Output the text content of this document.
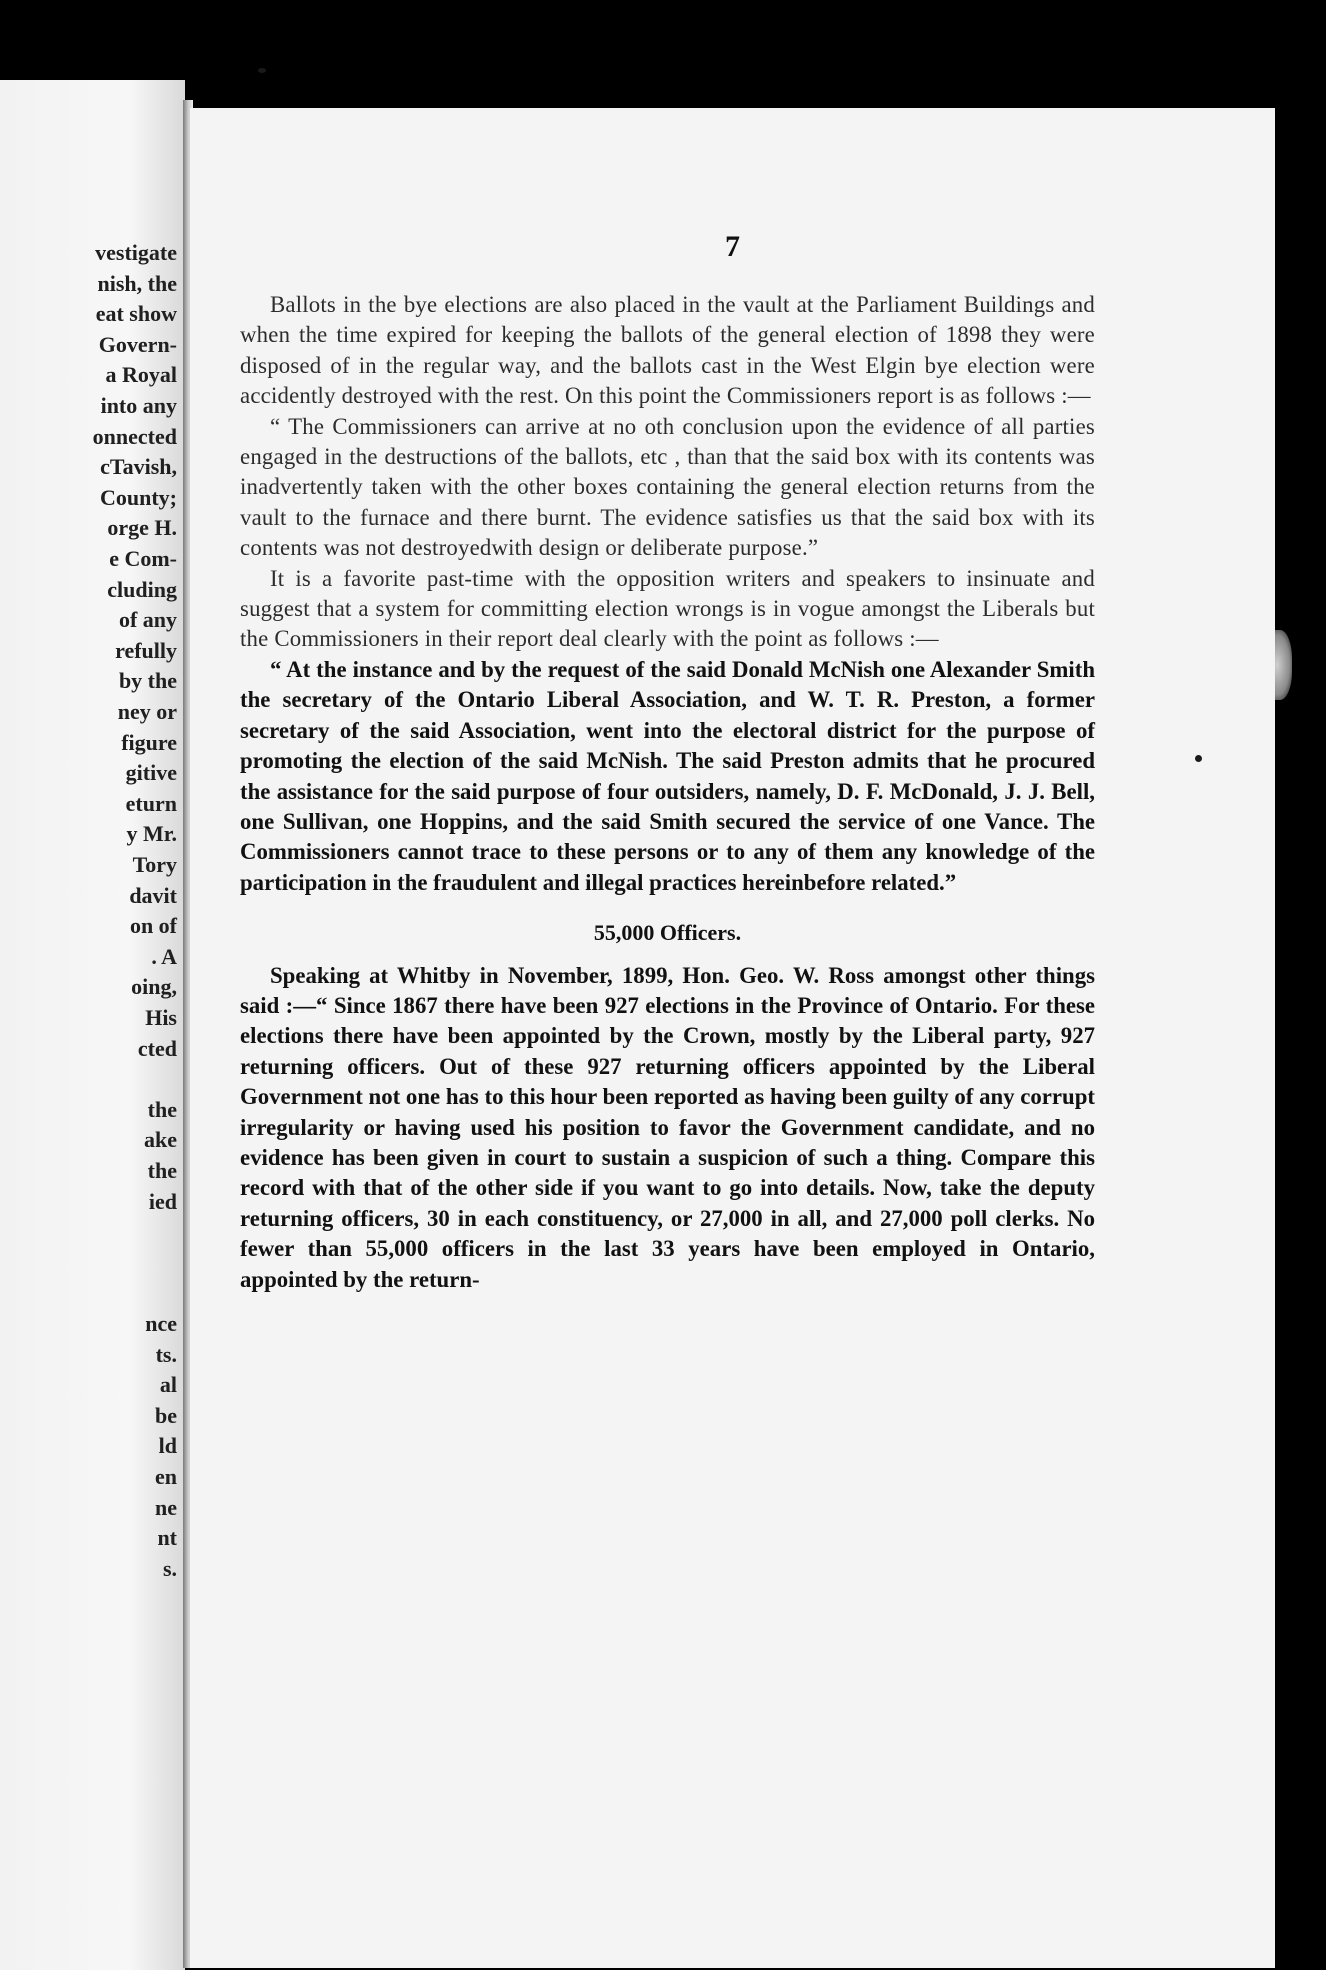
vestigate
nish, the
eat show
Govern-
a Royal
into any
onnected
cTavish,
County;
orge H.
e Com-
cluding
of any
refully
by the
ney or
figure
gitive
eturn
y Mr.
Tory
davit
on of
. A
oing,
His
cted
the
ake
the
ied
nce
ts.
al
be
ld
en
ne
nt
s.
7

Ballots in the bye elections are also placed in the vault at the Parliament Buildings and when the time expired for keeping the ballots of the general election of 1898 they were disposed of in the regular way, and the ballots cast in the West Elgin bye election were accidently destroyed with the rest. On this point the Commissioners report is as follows :—

“ The Commissioners can arrive at no oth conclusion upon the evidence of all parties engaged in the destructions of the ballots, etc , than that the said box with its contents was inadvertently taken with the other boxes containing the general election returns from the vault to the furnace and there burnt. The evidence satisfies us that the said box with its contents was not destroyedwith design or deliberate purpose.”

It is a favorite past-time with the opposition writers and speakers to insinuate and suggest that a system for committing election wrongs is in vogue amongst the Liberals but the Commissioners in their report deal clearly with the point as follows :—

“ At the instance and by the request of the said Donald McNish one Alexander Smith the secretary of the Ontario Liberal Association, and W. T. R. Preston, a former secretary of the said Association, went into the electoral district for the purpose of promoting the election of the said McNish. The said Preston admits that he procured the assistance for the said purpose of four outsiders, namely, D. F. McDonald, J. J. Bell, one Sullivan, one Hoppins, and the said Smith secured the service of one Vance. The Commissioners cannot trace to these persons or to any of them any knowledge of the participation in the fraudulent and illegal practices hereinbefore related.”

55,000 Officers.

Speaking at Whitby in November, 1899, Hon. Geo. W. Ross amongst other things said :—“ Since 1867 there have been 927 elections in the Province of Ontario. For these elections there have been appointed by the Crown, mostly by the Liberal party, 927 returning officers. Out of these 927 returning officers appointed by the Liberal Government not one has to this hour been reported as having been guilty of any corrupt irregularity or having used his position to favor the Government candidate, and no evidence has been given in court to sustain a suspicion of such a thing. Compare this record with that of the other side if you want to go into details. Now, take the deputy returning officers, 30 in each constituency, or 27,000 in all, and 27,000 poll clerks. No fewer than 55,000 officers in the last 33 years have been employed in Ontario, appointed by the return-
